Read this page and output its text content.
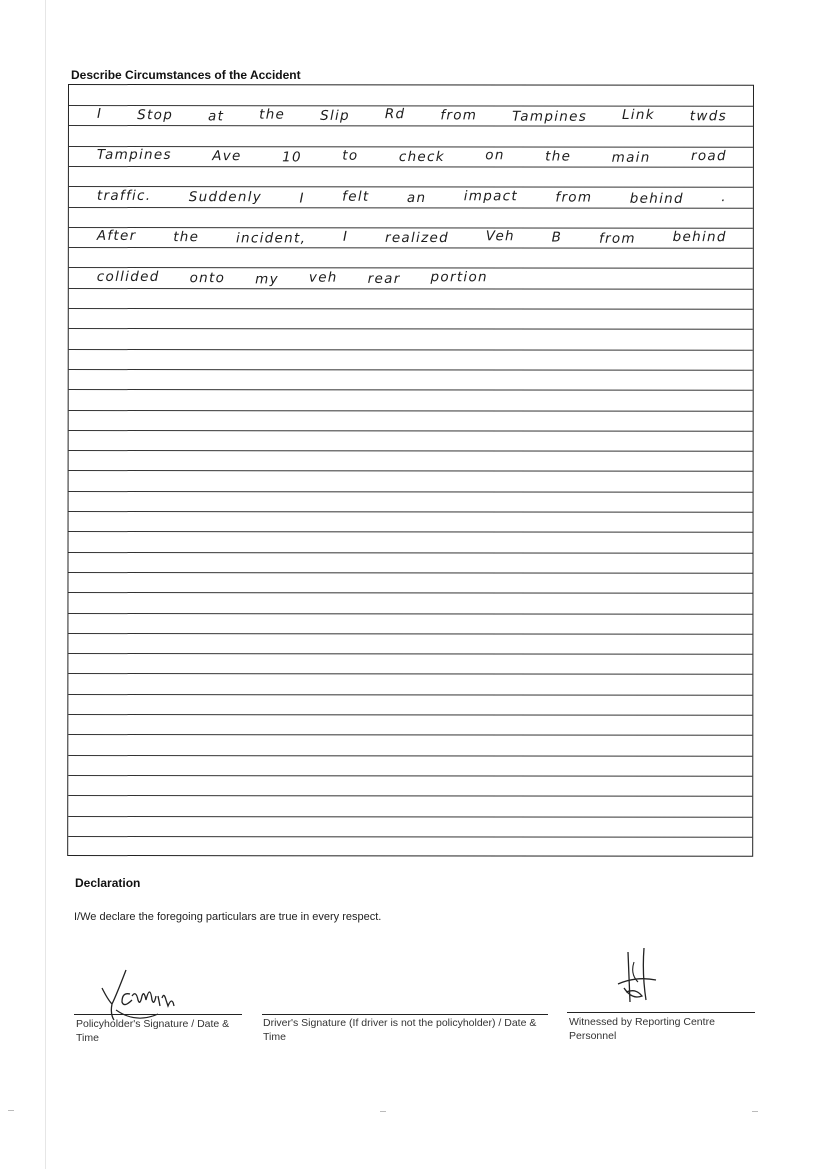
Describe Circumstances of the Accident
I	Stop	at	the	Slip	Rd	from	Tampines	Link	twds
Tampines	Ave	10	to	check	on	the	main	road
traffic.	Suddenly	I	felt	an	impact	from	behind	.
After	the	incident,	I	realized	Veh	B	from	behind
collided onto my veh rear portion
Declaration
I/We declare the foregoing particulars are true in every respect.
Policyholder's Signature / Date & Time
Driver's Signature (If driver is not the policyholder) / Date & Time
Witnessed by Reporting Centre Personnel
